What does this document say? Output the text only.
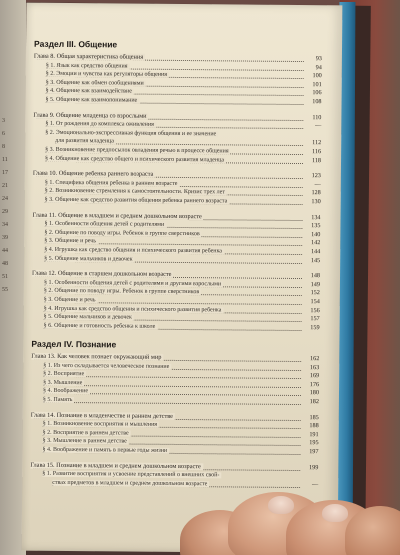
3
6
8
11
17
21
24
29
34
39
44
48
51
55
Раздел III. Общение
Глава 8. Общая характеристика общения	93
§ 1. Язык как средство общения	94
§ 2. Эмоции и чувства как регуляторы общения	100
§ 3. Общение как обмен сообщениями	101
§ 4. Общение как взаимодействие	106
§ 5. Общение как взаимопонимание	108
Глава 9. Общение младенца со взрослыми	110
§ 1. От рождения до комплекса оживления	—
§ 2. Эмоционально-экспрессивная функция общения и ее значение
для развития младенца	112
§ 3. Возникновение предпосылок овладения речью в процессе общения	116
§ 4. Общение как средство общего и психического развития младенца	118
Глава 10. Общение ребенка раннего возраста	123
§ 1. Специфика общения ребенка в раннем возрасте	—
§ 2. Возникновение стремления к самостоятельности. Кризис трех лет	128
§ 3. Общение как средство развития общения ребенка раннего возраста	130
Глава 11. Общение в младшем и среднем дошкольном возрасте	134
§ 1. Особенности общения детей с родителями	135
§ 2. Общение по поводу игры. Ребенок в группе сверстников	140
§ 3. Общение и речь	142
§ 4. Игрушка как средство общения и психического развития ребенка	144
§ 5. Общение мальчиков и девочек	145
Глава 12. Общение в старшем дошкольном возрасте	148
§ 1. Особенности общения детей с родителями и другими взрослыми	149
§ 2. Общение по поводу игры. Ребенок в группе сверстников	152
§ 3. Общение и речь	154
§ 4. Игрушка как средство общения и психического развития ребенка	156
§ 5. Общение мальчиков и девочек	157
§ 6. Общение и готовность ребенка к школе	159
Раздел IV. Познание
Глава 13. Как человек познает окружающий мир	162
§ 1. Из чего складывается человеческое познание	163
§ 2. Восприятие	169
§ 3. Мышление	176
§ 4. Воображение	180
§ 5. Память	182
Глава 14. Познание в младенчестве и раннем детстве	185
§ 1. Возникновение восприятия и мышления	188
§ 2. Восприятие в раннем детстве	191
§ 3. Мышление в раннем детстве	195
§ 4. Воображение и память в первые годы жизни	197
Глава 15. Познание в младшем и среднем дошкольном возрасте	199
§ 1. Развитие восприятия и усвоение представлений о внешних свой-
ствах предметов в младшем и среднем дошкольном возрасте	—
